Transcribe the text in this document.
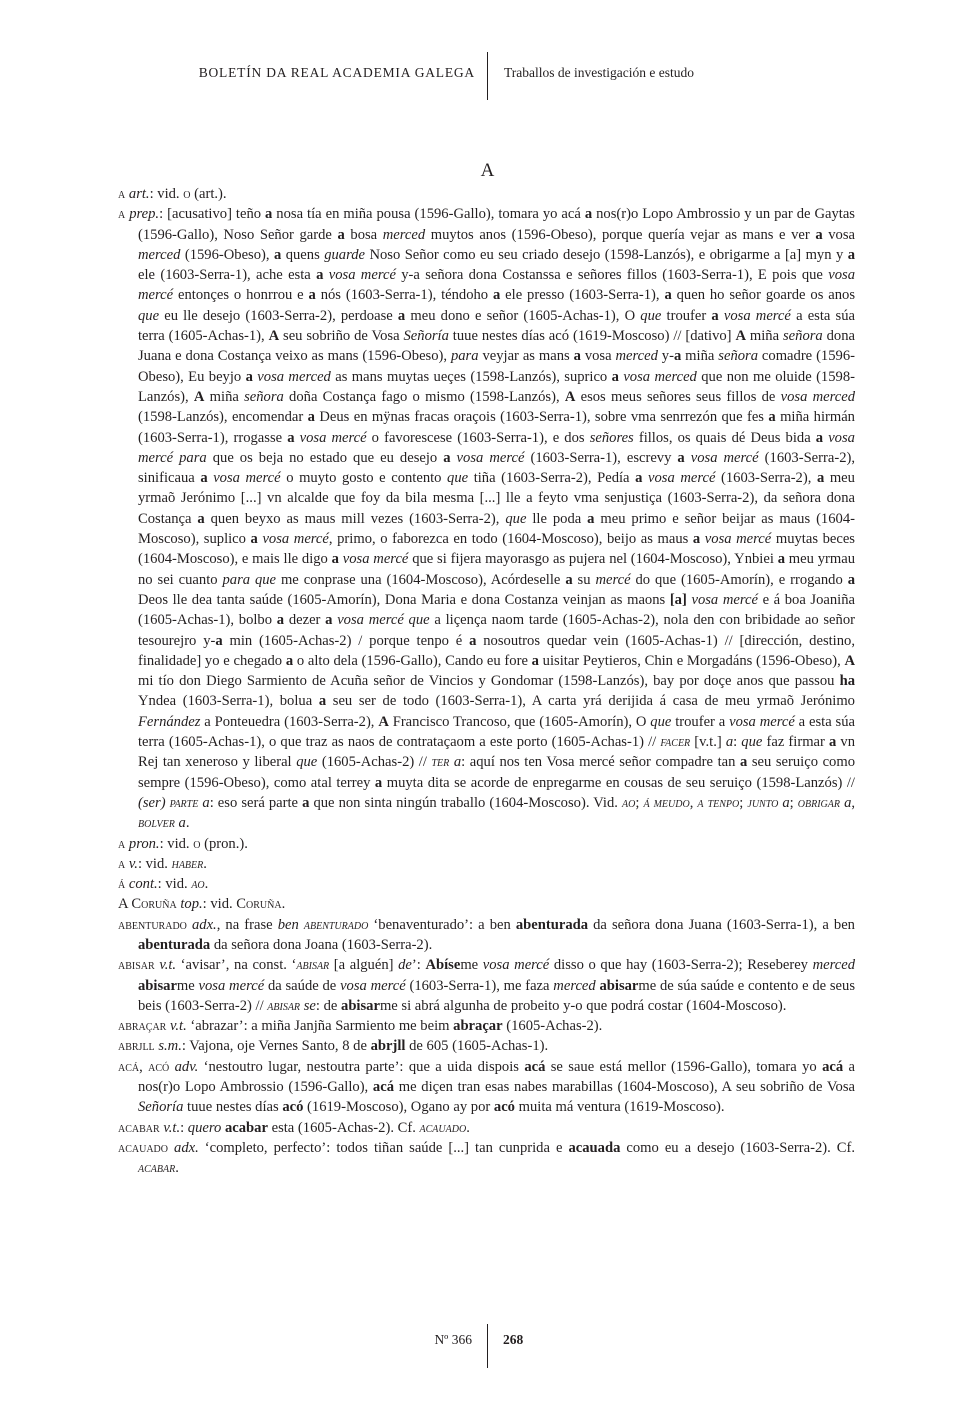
BOLETÍN DA REAL ACADEMIA GALEGA Traballos de investigación e estudo
A

a art.: vid. o (art.).

a prep.: [acusativo] teño a nosa tía en miña pousa (1596-Gallo), tomara yo acá a nos(r)o Lopo Ambrossio y un par de Gaytas (1596-Gallo), Noso Señor garde a bosa merced muytos anos (1596-Obeso), porque quería vejar as mans e ver a vosa merced (1596-Obeso), a quens guarde Noso Señor como eu seu criado desejo (1598-Lanzós), e obrigarme a [a] myn y a ele (1603-Serra-1), ache esta a vosa mercé y-a señora dona Costanssa e señores fillos (1603-Serra-1), E pois que vosa mercé entonçes o honrrou e a nós (1603-Serra-1), téndoho a ele presso (1603-Serra-1), a quen ho señor goarde os anos que eu lle desejo (1603-Serra-2), perdoase a meu dono e señor (1605-Achas-1), O que troufer a vosa mercé a esta súa terra (1605-Achas-1), A seu sobriño de Vosa Señoría tuue nestes días acó (1619-Moscoso) // [dativo] A miña señora dona Juana e dona Costança veixo as mans (1596-Obeso), para veyjar as mans a vosa merced y-a miña señora comadre (1596-Obeso), Eu beyjo a vosa merced as mans muytas ueçes (1598-Lanzós), suprico a vosa merced que non me oluide (1598-Lanzós), A miña señora doña Costança fago o mismo (1598-Lanzós), A esos meus señores seus fillos de vosa merced (1598-Lanzós), encomendar a Deus en mÿnas fracas oraçois (1603-Serra-1), sobre vma senrrezón que fes a miña hirmán (1603-Serra-1), rrogasse a vosa mercé o favorescese (1603-Serra-1), e dos señores fillos, os quais dé Deus bida a vosa mercé para que os beja no estado que eu desejo a vosa mercé (1603-Serra-1), escrevy a vosa mercé (1603-Serra-2), sinificaua a vosa mercé o muyto gosto e contento que tiña (1603-Serra-2), Pedía a vosa mercé (1603-Serra-2), a meu yrmaõ Jerónimo [...] vn alcalde que foy da bila mesma [...] lle a feyto vma senjustiça (1603-Serra-2), da señora dona Costança a quen beyxo as maus mill vezes (1603-Serra-2), que lle poda a meu primo e señor beijar as maus (1604-Moscoso), suplico a vosa mercé, primo, o faborezca en todo (1604-Moscoso), beijo as maus a vosa mercé muytas beces (1604-Moscoso), e mais lle digo a vosa mercé que si fijera mayorasgo as pujera nel (1604-Moscoso), Ynbiei a meu yrmau no sei cuanto para que me conprase una (1604-Moscoso), Acórdeselle a su mercé do que (1605-Amorín), e rrogando a Deos lle dea tanta saúde (1605-Amorín), Dona Maria e dona Costanza veinjan as maons [a] vosa mercé e á boa Joaniña (1605-Achas-1), bolbo a dezer a vosa mercé que a liçença naom tarde (1605-Achas-2), nola den con bribidade ao señor tesourejro y-a min (1605-Achas-2) / porque tenpo é a nosoutros quedar vein (1605-Achas-1) // [dirección, destino, finalidade] yo e chegado a o alto dela (1596-Gallo), Cando eu fore a uisitar Peytieros, Chin e Morgadáns (1596-Obeso), A mi tío don Diego Sarmiento de Acuña señor de Vincios y Gondomar (1598-Lanzós), bay por doçe anos que passou ha Yndea (1603-Serra-1), bolua a seu ser de todo (1603-Serra-1), A carta yrá derijida á casa de meu yrmaõ Jerónimo Fernández a Ponteuedra (1603-Serra-2), A Francisco Trancoso, que (1605-Amorín), O que troufer a vosa mercé a esta súa terra (1605-Achas-1), o que traz as naos de contrataçaom a este porto (1605-Achas-1) // facer [v.t.] a: que faz firmar a vn Rej tan xeneroso y liberal que (1605-Achas-2) // ter a: aquí nos ten Vosa mercé señor compadre tan a seu seruiço como sempre (1596-Obeso), como atal terrey a muyta dita se acorde de enpregarme en cousas de seu seruiço (1598-Lanzós) // (ser) parte a: eso será parte a que non sinta ningún traballo (1604-Moscoso). Vid. ao; á meudo, a tenpo; junto a; obrigar a, bolver a.

a pron.: vid. o (pron.).

a v.: vid. haber.

á cont.: vid. ao.

A Coruña top.: vid. Coruña.

abenturado adx., na frase ben abenturado ‘benaventurado’: a ben abenturada da señora dona Juana (1603-Serra-1), a ben abenturada da señora dona Joana (1603-Serra-2).

abisar v.t. ‘avisar’, na const. ‘abisar [a alguén] de’: Abíseme vosa mercé disso o que hay (1603-Serra-2); Reseberey merced abisarme vosa mercé da saúde de vosa mercé (1603-Serra-1), me faza merced abisarme de súa saúde e contento e de seus beis (1603-Serra-2) // abisar se: de abisarme si abrá algunha de probeito y-o que podrá costar (1604-Moscoso).

abraçar v.t. ‘abrazar’: a miña Janjña Sarmiento me beim abraçar (1605-Achas-2).

abrjll s.m.: Vajona, oje Vernes Santo, 8 de abrjll de 605 (1605-Achas-1).

acá, acó adv. ‘nestoutro lugar, nestoutra parte’: que a uida dispois acá se saue está mellor (1596-Gallo), tomara yo acá a nos(r)o Lopo Ambrossio (1596-Gallo), acá me diçen tran esas nabes marabillas (1604-Moscoso), A seu sobriño de Vosa Señoría tuue nestes días acó (1619-Moscoso), Ogano ay por acó muita má ventura (1619-Moscoso).

acabar v.t.: quero acabar esta (1605-Achas-2). Cf. acauado.

acauado adx. ‘completo, perfecto’: todos tiñan saúde [...] tan cunprida e acauada como eu a desejo (1603-Serra-2). Cf. acabar.

Nº 366 268
